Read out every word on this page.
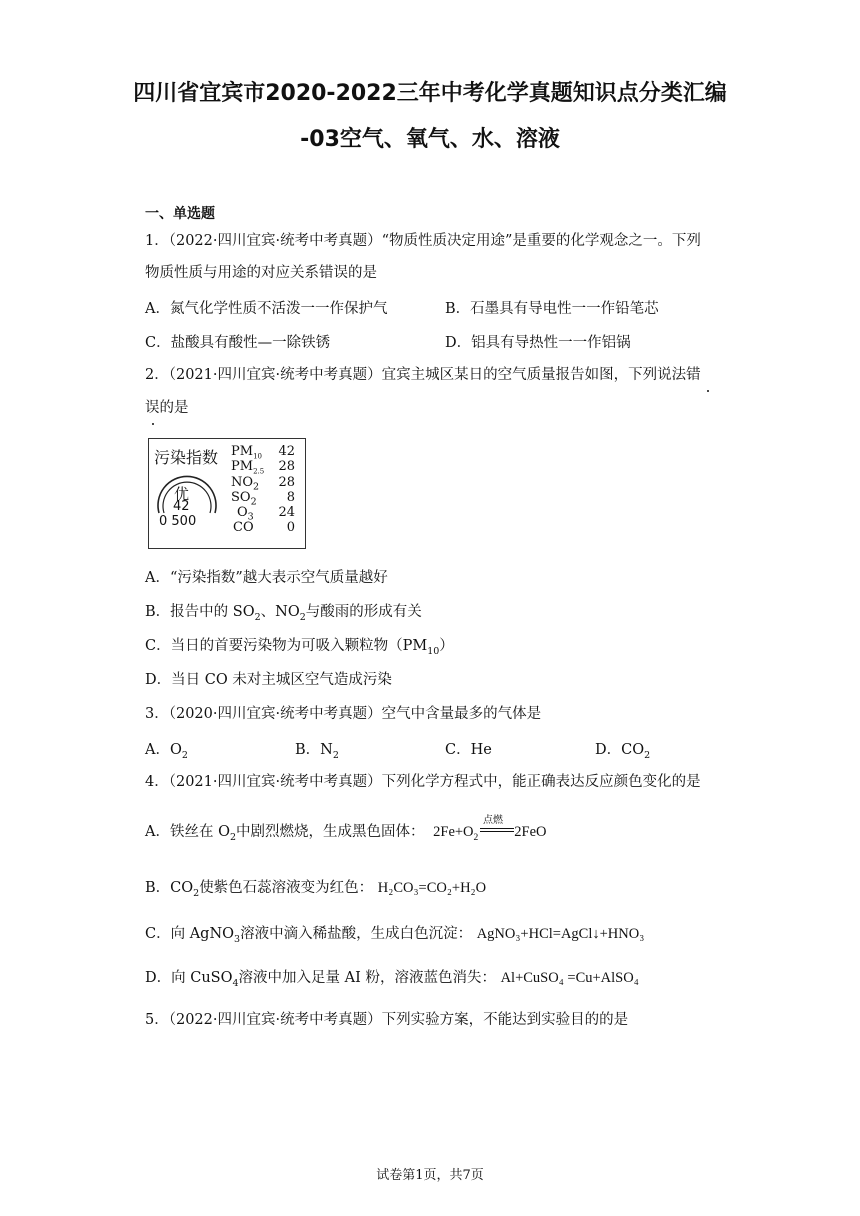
四川省宜宾市2020-2022三年中考化学真题知识点分类汇编
-03空气、氧气、水、溶液
一、单选题
1．（2022·四川宜宾·统考中考真题）“物质性质决定用途”是重要的化学观念之一。下列
物质性质与用途的对应关系错误的是
A．氮气化学性质不活泼一一作保护气	B．石墨具有导电性一一作铅笔芯
C．盐酸具有酸性—一除铁锈	D．铝具有导热性一一作铝锅
2．（2021·四川宜宾·统考中考真题）宜宾主城区某日的空气质量报告如图，下列说法错
误的是
污染指数
优
42
0 500
$PM_{10}$ 42
$PM_{2.5}$ 28
$NO_2$ 28
$SO_2$ 8
$O_3$ 24
CO	0
A．“污染指数”越大表示空气质量越好
B．报告中的 $SO_2$、$NO_2$与酸雨的形成有关
C．当日的首要污染物为可吸入颗粒物$(PM_{10})$
D．当日 CO 未对主城区空气造成污染
3．（2020·四川宜宾·统考中考真题）空气中含量最多的气体是
A．$O_2$	B．$N_2$	C．He	D．$CO_2$
4．（2021·四川宜宾·统考中考真题）下列化学方程式中，能正确表达反应颜色变化的是
A．铁丝在 $O_2$中剧烈燃烧，生成黑色固体： $2Fe+O_2$ 2FeO
点燃
B．$CO_2$使紫色石蕊溶液变为红色： H₂CO₃=CO₂+H₂O
C．向 AgNO$_3$溶液中滴入稀盐酸，生成白色沉淀： AgNO₃+HCl=AgCl↓+HNO₃
D．向 CuSO$_4$溶液中加入足量 AI 粉，溶液蓝色消失： Al+CuSO₄ =Cu+AlSO₄
5．（2022·四川宜宾·统考中考真题）下列实验方案，不能达到实验目的的是
试卷第1页，共7页
